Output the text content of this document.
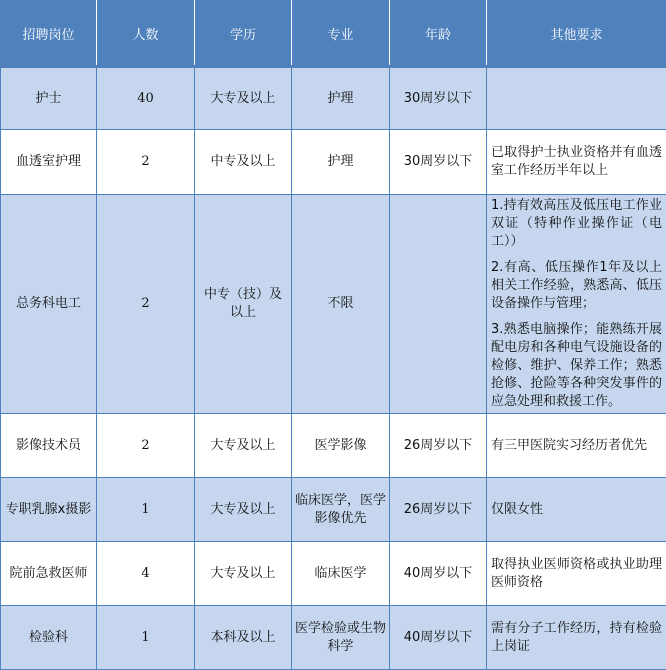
招聘岗位	人数	学历	专业	年龄	其他要求
护士	40	大专及以上	护理	30周岁以下	

血透室护理	2	中专及以上	护理	30周岁以下	已取得护士执业资格并有血透室工作经历半年以上

总务科电工	2	中专（技）及以上	不限		1.持有效高压及低压电工作业双证（特种作业操作证（电工））
2.有高、低压操作1年及以上相关工作经验，熟悉高、低压设备操作与管理；
3.熟悉电脑操作；能熟练开展配电房和各种电气设施设备的检修、维护、保养工作；熟悉抢修、抢险等各种突发事件的应急处理和救援工作。

影像技术员	2	大专及以上	医学影像	26周岁以下	有三甲医院实习经历者优先

专职乳腺x摄影	1	大专及以上	临床医学，医学影像优先	26周岁以下	仅限女性

院前急救医师	4	大专及以上	临床医学	40周岁以下	取得执业医师资格或执业助理医师资格

检验科	1	本科及以上	医学检验或生物科学	40周岁以下	需有分子工作经历，持有检验上岗证
